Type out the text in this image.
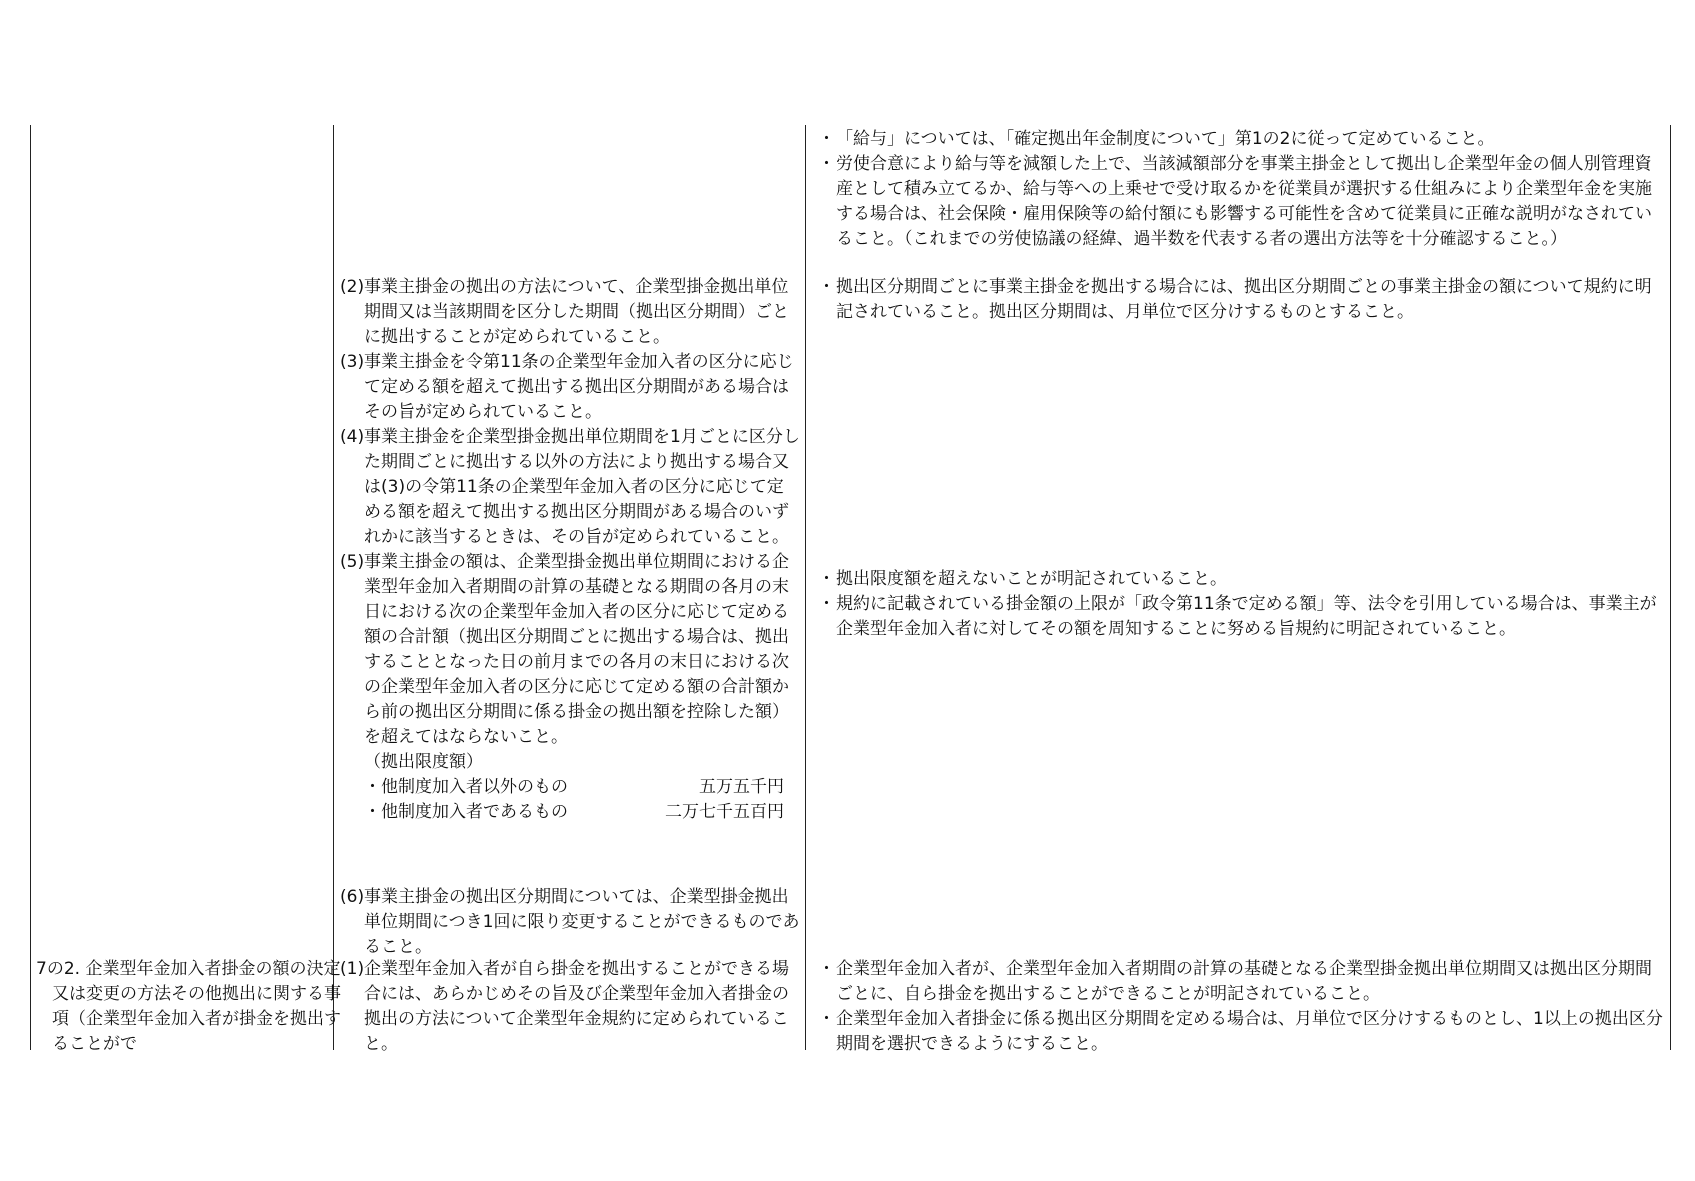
・ 「給与」については、「確定拠出年金制度について」第1の2に従って定めていること。
・ 労使合意により給与等を減額した上で、当該減額部分を事業主掛金として拠出し企業型年金の個人別管理資産として積み立てるか、給与等への上乗せで受け取るかを従業員が選択する仕組みにより企業型年金を実施する場合は、社会保険・雇用保険等の給付額にも影響する可能性を含めて従業員に正確な説明がなされていること。（これまでの労使協議の経緯、過半数を代表する者の選出方法等を十分確認すること。）
・ 拠出区分期間ごとに事業主掛金を拠出する場合には、拠出区分期間ごとの事業主掛金の額について規約に明記されていること。拠出区分期間は、月単位で区分けするものとすること。
(2) 事業主掛金の拠出の方法について、企業型掛金拠出単位期間又は当該期間を区分した期間（拠出区分期間）ごとに拠出することが定められていること。
(3) 事業主掛金を令第11条の企業型年金加入者の区分に応じて定める額を超えて拠出する拠出区分期間がある場合はその旨が定められていること。
(4) 事業主掛金を企業型掛金拠出単位期間を1月ごとに区分した期間ごとに拠出する以外の方法により拠出する場合又は(3)の令第11条の企業型年金加入者の区分に応じて定める額を超えて拠出する拠出区分期間がある場合のいずれかに該当するときは、その旨が定められていること。
(5) 事業主掛金の額は、企業型掛金拠出単位期間における企業型年金加入者期間の計算の基礎となる期間の各月の末日における次の企業型年金加入者の区分に応じて定める額の合計額（拠出区分期間ごとに拠出する場合は、拠出することとなった日の前月までの各月の末日における次の企業型年金加入者の区分に応じて定める額の合計額から前の拠出区分期間に係る掛金の拠出額を控除した額）を超えてはならないこと。
（拠出限度額）
・他制度加入者以外のもの	五万五千円
・他制度加入者であるもの	二万七千五百円
・ 拠出限度額を超えないことが明記されていること。
・ 規約に記載されている掛金額の上限が「政令第11条で定める額」等、法令を引用している場合は、事業主が企業型年金加入者に対してその額を周知することに努める旨規約に明記されていること。
(6) 事業主掛金の拠出区分期間については、企業型掛金拠出単位期間につき1回に限り変更することができるものであること。
7の2. 企業型年金加入者掛金の額の決定又は変更の方法その他拠出に関する事項（企業型年金加入者が掛金を拠出することがで
(1) 企業型年金加入者が自ら掛金を拠出することができる場合には、あらかじめその旨及び企業型年金加入者掛金の拠出の方法について企業型年金規約に定められていること。
・ 企業型年金加入者が、企業型年金加入者期間の計算の基礎となる企業型掛金拠出単位期間又は拠出区分期間ごとに、自ら掛金を拠出することができることが明記されていること。
・ 企業型年金加入者掛金に係る拠出区分期間を定める場合は、月単位で区分けするものとし、1以上の拠出区分期間を選択できるようにすること。
